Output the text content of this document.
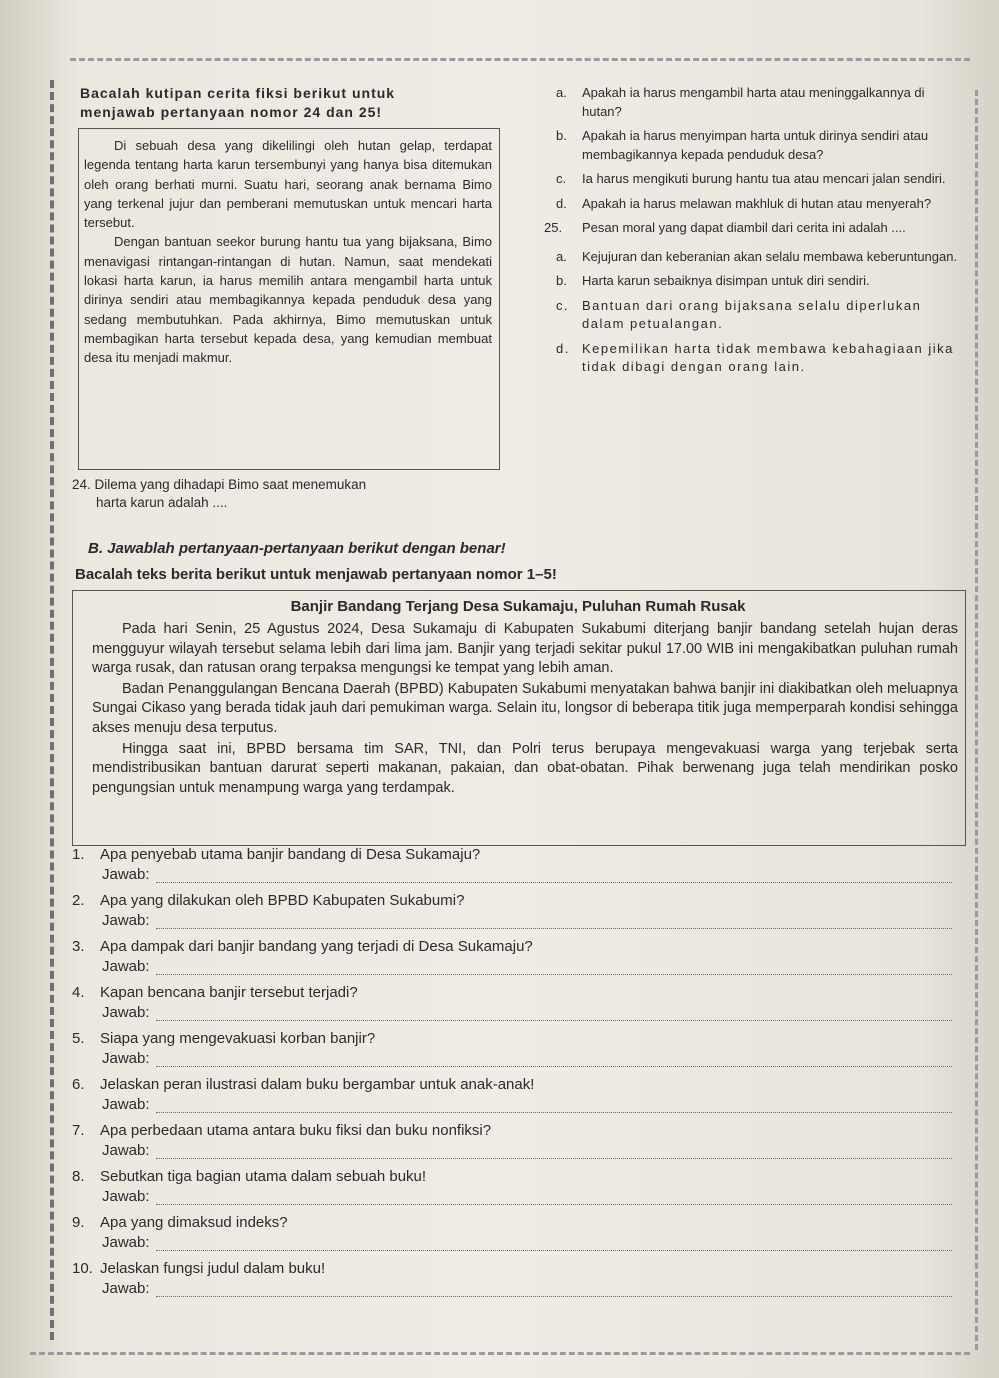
Bacalah kutipan cerita fiksi berikut untuk
menjawab pertanyaan nomor 24 dan 25!

Di sebuah desa yang dikelilingi oleh hutan gelap, terdapat legenda tentang harta karun tersembunyi yang hanya bisa ditemukan oleh orang berhati murni. Suatu hari, seorang anak bernama Bimo yang terkenal jujur dan pemberani memutuskan untuk mencari harta tersebut.

Dengan bantuan seekor burung hantu tua yang bijaksana, Bimo menavigasi rintangan-rintangan di hutan. Namun, saat mendekati lokasi harta karun, ia harus memilih antara mengambil harta untuk dirinya sendiri atau membagikannya kepada penduduk desa yang sedang membutuhkan. Pada akhirnya, Bimo memutuskan untuk membagikan harta tersebut kepada desa, yang kemudian membuat desa itu menjadi makmur.

24. Dilema yang dihadapi Bimo saat menemukan
harta karun adalah ....
a.	Apakah ia harus mengambil harta atau meninggalkannya di hutan?
b.	Apakah ia harus menyimpan harta untuk dirinya sendiri atau membagikannya kepada penduduk desa?
c.	Ia harus mengikuti burung hantu tua atau mencari jalan sendiri.
d.	Apakah ia harus melawan makhluk di hutan atau menyerah?
25.	Pesan moral yang dapat diambil dari cerita ini adalah ....
a.	Kejujuran dan keberanian akan selalu membawa keberuntungan.
b.	Harta karun sebaiknya disimpan untuk diri sendiri.
c. Bantuan dari orang bijaksana selalu diperlukan dalam petualangan.
d. Kepemilikan harta tidak membawa kebahagiaan jika tidak dibagi dengan orang lain.
B. Jawablah pertanyaan-pertanyaan berikut dengan benar!
Bacalah teks berita berikut untuk menjawab pertanyaan nomor 1–5!
Banjir Bandang Terjang Desa Sukamaju, Puluhan Rumah Rusak

Pada hari Senin, 25 Agustus 2024, Desa Sukamaju di Kabupaten Sukabumi diterjang banjir bandang setelah hujan deras mengguyur wilayah tersebut selama lebih dari lima jam. Banjir yang terjadi sekitar pukul 17.00 WIB ini mengakibatkan puluhan rumah warga rusak, dan ratusan orang terpaksa mengungsi ke tempat yang lebih aman.

Badan Penanggulangan Bencana Daerah (BPBD) Kabupaten Sukabumi menyatakan bahwa banjir ini diakibatkan oleh meluapnya Sungai Cikaso yang berada tidak jauh dari pemukiman warga. Selain itu, longsor di beberapa titik juga memperparah kondisi sehingga akses menuju desa terputus.

Hingga saat ini, BPBD bersama tim SAR, TNI, dan Polri terus berupaya mengevakuasi warga yang terjebak serta mendistribusikan bantuan darurat seperti makanan, pakaian, dan obat-obatan. Pihak berwenang juga telah mendirikan posko pengungsian untuk menampung warga yang terdampak.

1. Apa penyebab utama banjir bandang di Desa Sukamaju?
Jawab:
2. Apa yang dilakukan oleh BPBD Kabupaten Sukabumi?
Jawab:
3. Apa dampak dari banjir bandang yang terjadi di Desa Sukamaju?
Jawab:
4. Kapan bencana banjir tersebut terjadi?
Jawab:
5. Siapa yang mengevakuasi korban banjir?
Jawab:
6. Jelaskan peran ilustrasi dalam buku bergambar untuk anak-anak!
Jawab:
7. Apa perbedaan utama antara buku fiksi dan buku nonfiksi?
Jawab:
8. Sebutkan tiga bagian utama dalam sebuah buku!
Jawab:
9. Apa yang dimaksud indeks?
Jawab:
10. Jelaskan fungsi judul dalam buku!
Jawab:
